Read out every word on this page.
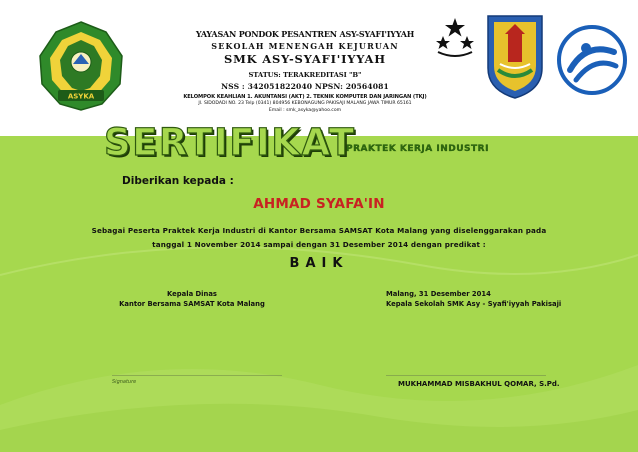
ASYKA
YAYASAN PONDOK PESANTREN ASY-SYAFI'IYYAH
SEKOLAH MENENGAH KEJURUAN
SMK ASY-SYAFI'IYYAH
STATUS: TERAKREDITASI "B"
NSS : 342051822040 NPSN: 20564081
KELOMPOK KEAHLIAN 1. AKUNTANSI (AKT) 2. TEKNIK KOMPUTER DAN JARINGAN (TKJ)
Jl. SIDODADI NO. 23 Telp (0341) 804956 KEBONAGUNG PAKISAJI MALANG JAWA TIMUR 65161
Email : smk_asyka@yahoo.com
SERTIFIKAT
PRAKTEK KERJA INDUSTRI
Diberikan kepada :
AHMAD SYAFA'IN
Sebagai Peserta Praktek Kerja Industri di Kantor Bersama SAMSAT Kota Malang yang diselenggarakan pada
tanggal 1 November 2014 sampai dengan 31 Desember 2014 dengan predikat :
BAIK
Kepala Dinas
Kantor Bersama SAMSAT Kota Malang
Malang, 31 Desember 2014
Kepala Sekolah SMK Asy - Syafi'iyyah Pakisaji
Signature	MUKHAMMAD MISBAKHUL QOMAR, S.Pd.
